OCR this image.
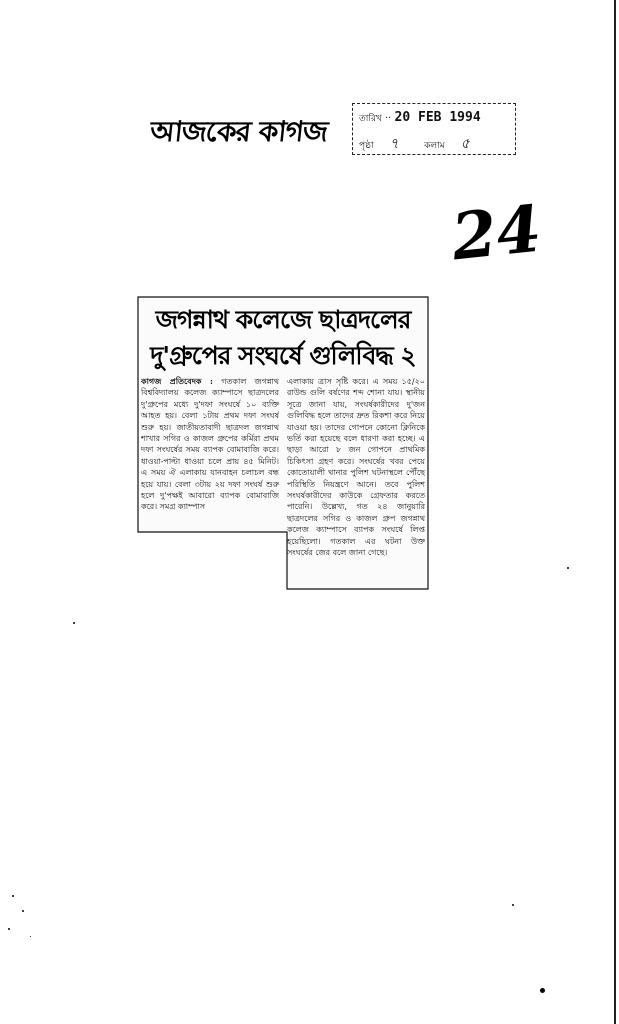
আজকের কাগজ	তারিখ ·· 20 FEB 1994
পৃষ্ঠা ৭	কলাম ৫
24
জগন্নাথ কলেজে ছাত্রদলের
দু'গ্রুপের সংঘর্ষে গুলিবিদ্ধ ২
কাগজ প্রতিবেদক : গতকাল জগন্নাথ বিশ্ববিদ্যালয় কলেজ ক্যাম্পাসে ছাত্রদলের দু'গ্রুপের মধ্যে দু'দফা সংঘর্ষে ১০ ব্যক্তি আহত হয়। বেলা ১টায় প্রথম দফা সংঘর্ষ শুরু হয়। জাতীয়তাবাদী ছাত্রদল জগন্নাথ শাখার সগির ও কাজল গ্রুপের কর্মিরা প্রথম দফা সংঘর্ষের সময় ব্যাপক বোমাবাজি করে। ধাওয়া-পাল্টা ধাওয়া চলে প্রায় ৪৫ মিনিট। এ সময় ঐ এলাকায় যানবাহন চলাচল বন্ধ হয়ে যায়। বেলা ৩টায় ২য় দফা সংঘর্ষ শুরু হলে দু'পক্ষই আবারো ব্যাপক বোমাবাজি করে। সমগ্র ক্যাম্পাস
এলাকায় ত্রাস সৃষ্টি করে। এ সময় ১৫/২০ রাউন্ড গুলি বর্ষণের শব্দ শোনা যায়। স্থানীয় সূত্রে জানা যায়, সংঘর্ষকারীদের দু'জন গুলিবিদ্ধ হলে তাদের দ্রুত রিকশা করে নিয়ে যাওয়া হয়। তাদের গোপনে কোনো ক্লিনিকে ভর্তি করা হয়েছে বলে ধারণা করা হচ্ছে। এ ছাড়া আরো ৮ জন গোপনে প্রাথমিক চিকিৎসা গ্রহণ করে। সংঘর্ষের খবর পেয়ে কোতোয়ালী থানার পুলিশ ঘটনাস্থলে পৌঁছে পরিস্থিতি নিয়ন্ত্রণে আনে। তবে পুলিশ সংঘর্ষকারীদের কাউকে গ্রেফতার করতে পারেনি। উল্লেখ্য, গত ২৪ জানুয়ারি ছাত্রদলের সগির ও কাজল গ্রুপ জগন্নাথ কলেজ ক্যাম্পাসে ব্যাপক সংঘর্ষে লিপ্ত হয়েছিলো। গতকাল এর ঘটনা উক্ত সংঘর্ষের জের বলে জানা গেছে।
